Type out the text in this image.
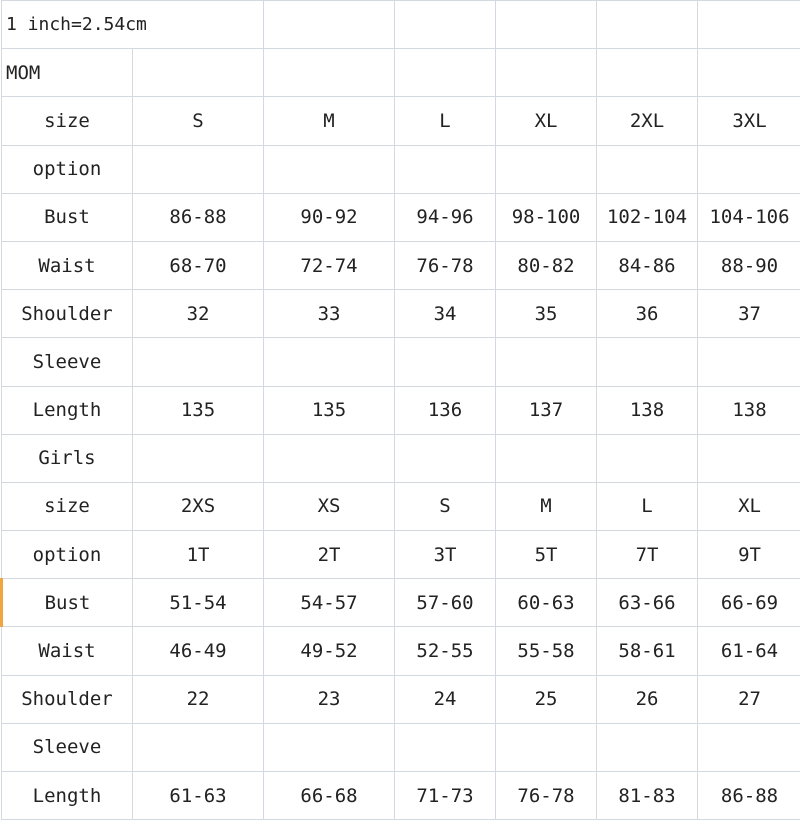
1 inch=2.54cm						
MOM						
size	S	M	L	XL	2XL	3XL
option						
Bust	86-88	90-92	94-96	98-100	102-104	104-106
Waist	68-70	72-74	76-78	80-82	84-86	88-90
Shoulder	32	33	34	35	36	37
Sleeve						
Length	135	135	136	137	138	138
Girls						
size	2XS	XS	S	M	L	XL
option	1T	2T	3T	5T	7T	9T
Bust	51-54	54-57	57-60	60-63	63-66	66-69
Waist	46-49	49-52	52-55	55-58	58-61	61-64
Shoulder	22	23	24	25	26	27
Sleeve						
Length	61-63	66-68	71-73	76-78	81-83	86-88
